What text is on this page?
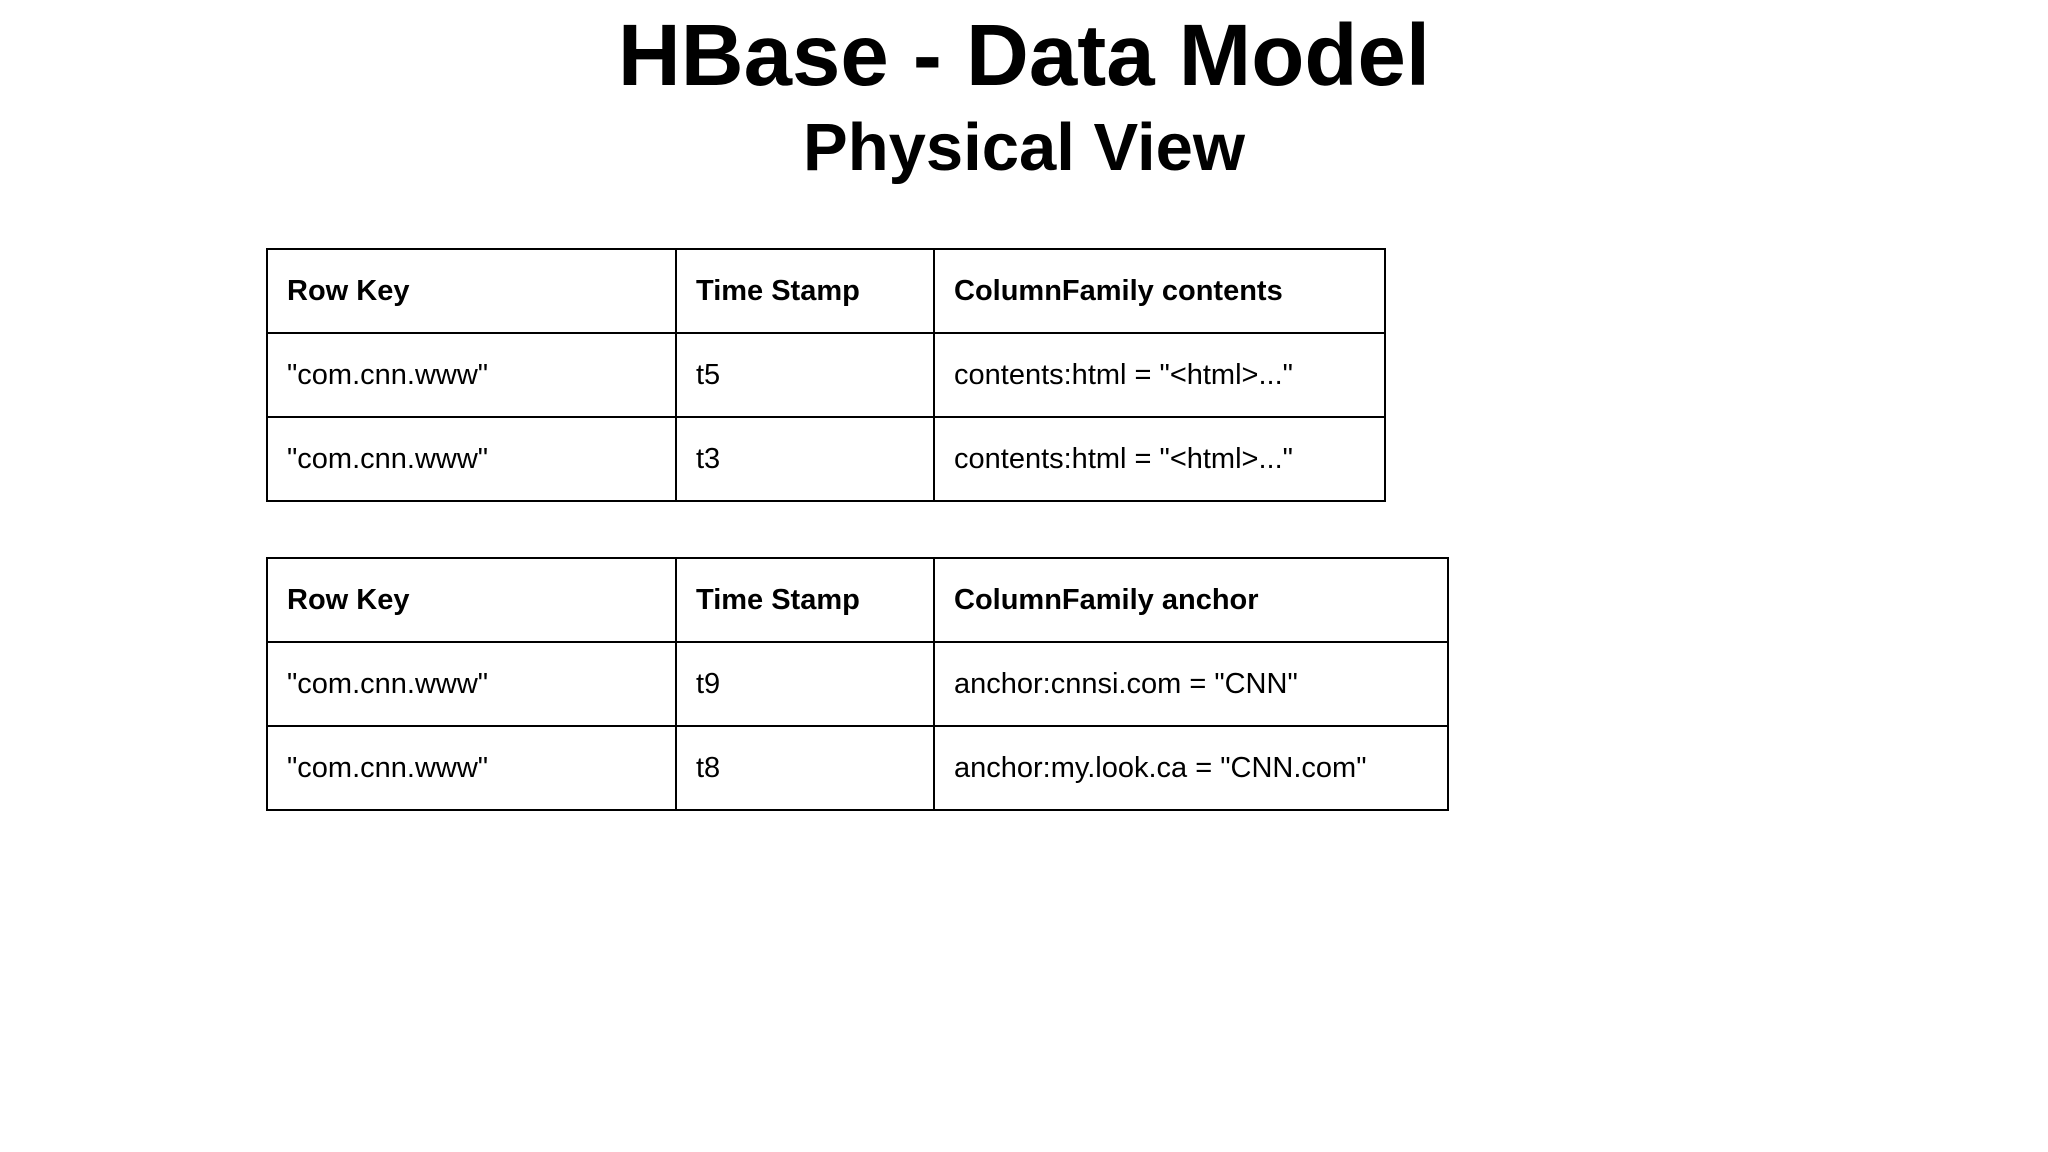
HBase - Data Model
Physical View
Row Key	Time Stamp	ColumnFamily contents
"com.cnn.www"	t5	contents:html = "<html>..."
"com.cnn.www"	t3	contents:html = "<html>..."
Row Key	Time Stamp	ColumnFamily anchor
"com.cnn.www"	t9	anchor:cnnsi.com = "CNN"
"com.cnn.www"	t8	anchor:my.look.ca = "CNN.com"
